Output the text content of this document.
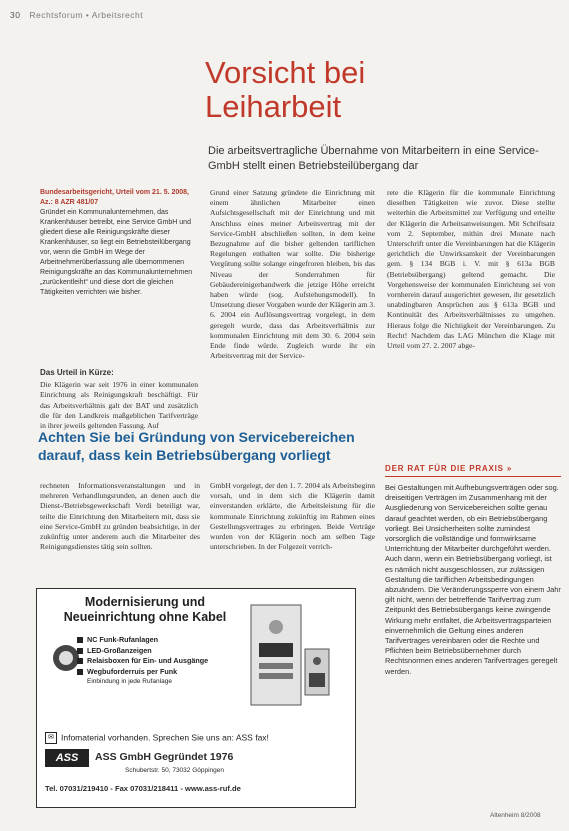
30 Rechtsforum • Arbeitsrecht
Vorsicht bei
Leiharbeit
Die arbeitsvertragliche Übernahme von Mitarbeitern in eine Service-GmbH stellt einen Betriebsteilübergang dar
Bundesarbeitsgericht, Urteil vom 21. 5. 2008, Az.: 8 AZR 481/07
Gründet ein Kommunalunternehmen, das Krankenhäuser betreibt, eine Service GmbH und gliedert diese alle Reinigungskräfte dieser Krankenhäuser, so liegt ein Betriebsteilübergang vor, wenn die GmbH im Wege der Arbeitnehmerüberlassung alle übernommenen Reinigungskräfte an das Kommunalunternehmen „zurückentleiht“ und diese dort die gleichen Tätigkeiten verrichten wie bisher.
Das Urteil in Kürze:

Die Klägerin war seit 1976 in einer kommunalen Einrichtung als Reinigungskraft beschäftigt. Für das Arbeitsverhältnis galt der BAT und zusätzlich die für den Landkreis maßgeblichen Tarifverträge in ihrer jeweils geltenden Fassung. Auf

Grund einer Satzung gründete die Einrichtung mit einem ähnlichen Mitarbeiter einen Aufsichtsgesellschaft mit der Einrichtung und mit Anschluss eines meiner Arbeitsvertrag mit der Service-GmbH abschließen sollten, in dem keine Bezugnahme auf die bisher geltenden tariflichen Regelungen enthalten war sollte. Die bisherige Vergütung sollte solange eingefroren bleiben, bis das Niveau der Sonderrahmen für Gebäudereinigerhandwerk die jetzige Höhe erreicht haben würde (sog. Aufstehungsmodell). In Umsetzung dieser Vorgaben wurde der Klägerin am 3. 6. 2004 ein Auflösungsvertrag vorgelegt, in dem geregelt wurde, dass das Arbeitsverhältnis zur kommunalen Einrichtung mit dem 30. 6. 2004 sein Ende finde würde. Zugleich wurde ihr ein Arbeitsvertrag mit der Service-

rete die Klägerin für die kommunale Einrichtung dieselben Tätigkeiten wie zuvor. Diese stellte weiterhin die Arbeitsmittel zur Verfügung und erteilte der Klägerin die Arbeitsanweisungen. Mit Schriftsatz vom 2. September, mithin drei Monate nach Unterschrift unter die Vereinbarungen hat die Klägerin gerichtlich die Unwirksamkeit der Vereinbarungen gem. § 134 BGB i. V. mit § 613a BGB (Betriebsübergang) geltend gemacht. Die Vorgehensweise der kommunalen Einrichtung sei von vornherein darauf ausgerichtet gewesen, ihr gesetzlich unabdingbaren Ansprüchen aus § 613a BGB und Kontinuität des Arbeitsverhältnisses zu umgehen. Hieraus folge die Nichtigkeit der Vereinbarungen. Zu Recht! Nachdem das LAG München die Klage mit Urteil vom 27. 2. 2007 abge-

Achten Sie bei Gründung von Servicebereichen
darauf, dass kein Betriebsübergang vorliegt

rechneten Informationsveranstaltungen und in mehreren Verhandlungsrunden, an denen auch die Dienst-/Betriebsgewerkschaft Verdi beteiligt war, teilte die Einrichtung den Mitarbeitern mit, dass sie eine Service-GmbH zu gründen beabsichtige, in der zukünftig unter anderem auch die Mitarbeiter des Reinigungsdienstes tätig sein sollten.

GmbH vorgelegt, der den 1. 7. 2004 als Arbeitsbeginn vorsah, und in dem sich die Klägerin damit einverstanden erklärte, die Arbeitsleistung für die kommunale Einrichtung zukünftig im Rahmen eines Gestellungsvertrages zu erbringen. Beide Verträge wurden von der Klägerin noch am selben Tage unterschrieben. In der Folgezeit verrich-

DER RAT FÜR DIE PRAXIS »
Bei Gestaltungen mit Aufhebungsverträgen oder sog. dreiseitigen Verträgen im Zusammenhang mit der Ausgliederung von Servicebereichen sollte genau darauf geachtet werden, ob ein Betriebsübergang vorliegt. Bei Unsicherheiten sollte zumindest vorsorglich die vollständige und formwirksame Unterrichtung der Mitarbeiter durchgeführt werden. Auch dann, wenn ein Betriebsübergang vorliegt, ist es nämlich nicht ausgeschlossen, zur zulässigen Gestaltung die tariflichen Arbeitsbedingungen abzuändern. Die Veränderungssperre von einem Jahr gilt nicht, wenn der betreffende Tarifvertrag zum Zeitpunkt des Betriebsübergangs keine zwingende Wirkung mehr entfaltet, die Arbeitsvertragsparteien einvernehmlich die Geltung eines anderen Tarifvertrages vereinbaren oder die Rechte und Pflichten beim Betriebsübernehmer durch Rechtsnormen eines anderen Tarifvertrages geregelt werden.
Modernisierung und
Neueinrichtung ohne Kabel
NC Funk-Rufanlagen
LED-Großanzeigen
Relaisboxen für Ein- und Ausgänge
Wegbuforderruis per Funk
Einbindung in jede Rufanlage
✉ Infomaterial vorhanden. Sprechen Sie uns an: ASS fax!
ASS	ASS GmbH Gegründet 1976
Schubertstr. 50, 73032 Göppingen
Tel. 07031/219410 - Fax 07031/218411 - www.ass-ruf.de
Altenheim 8/2008
